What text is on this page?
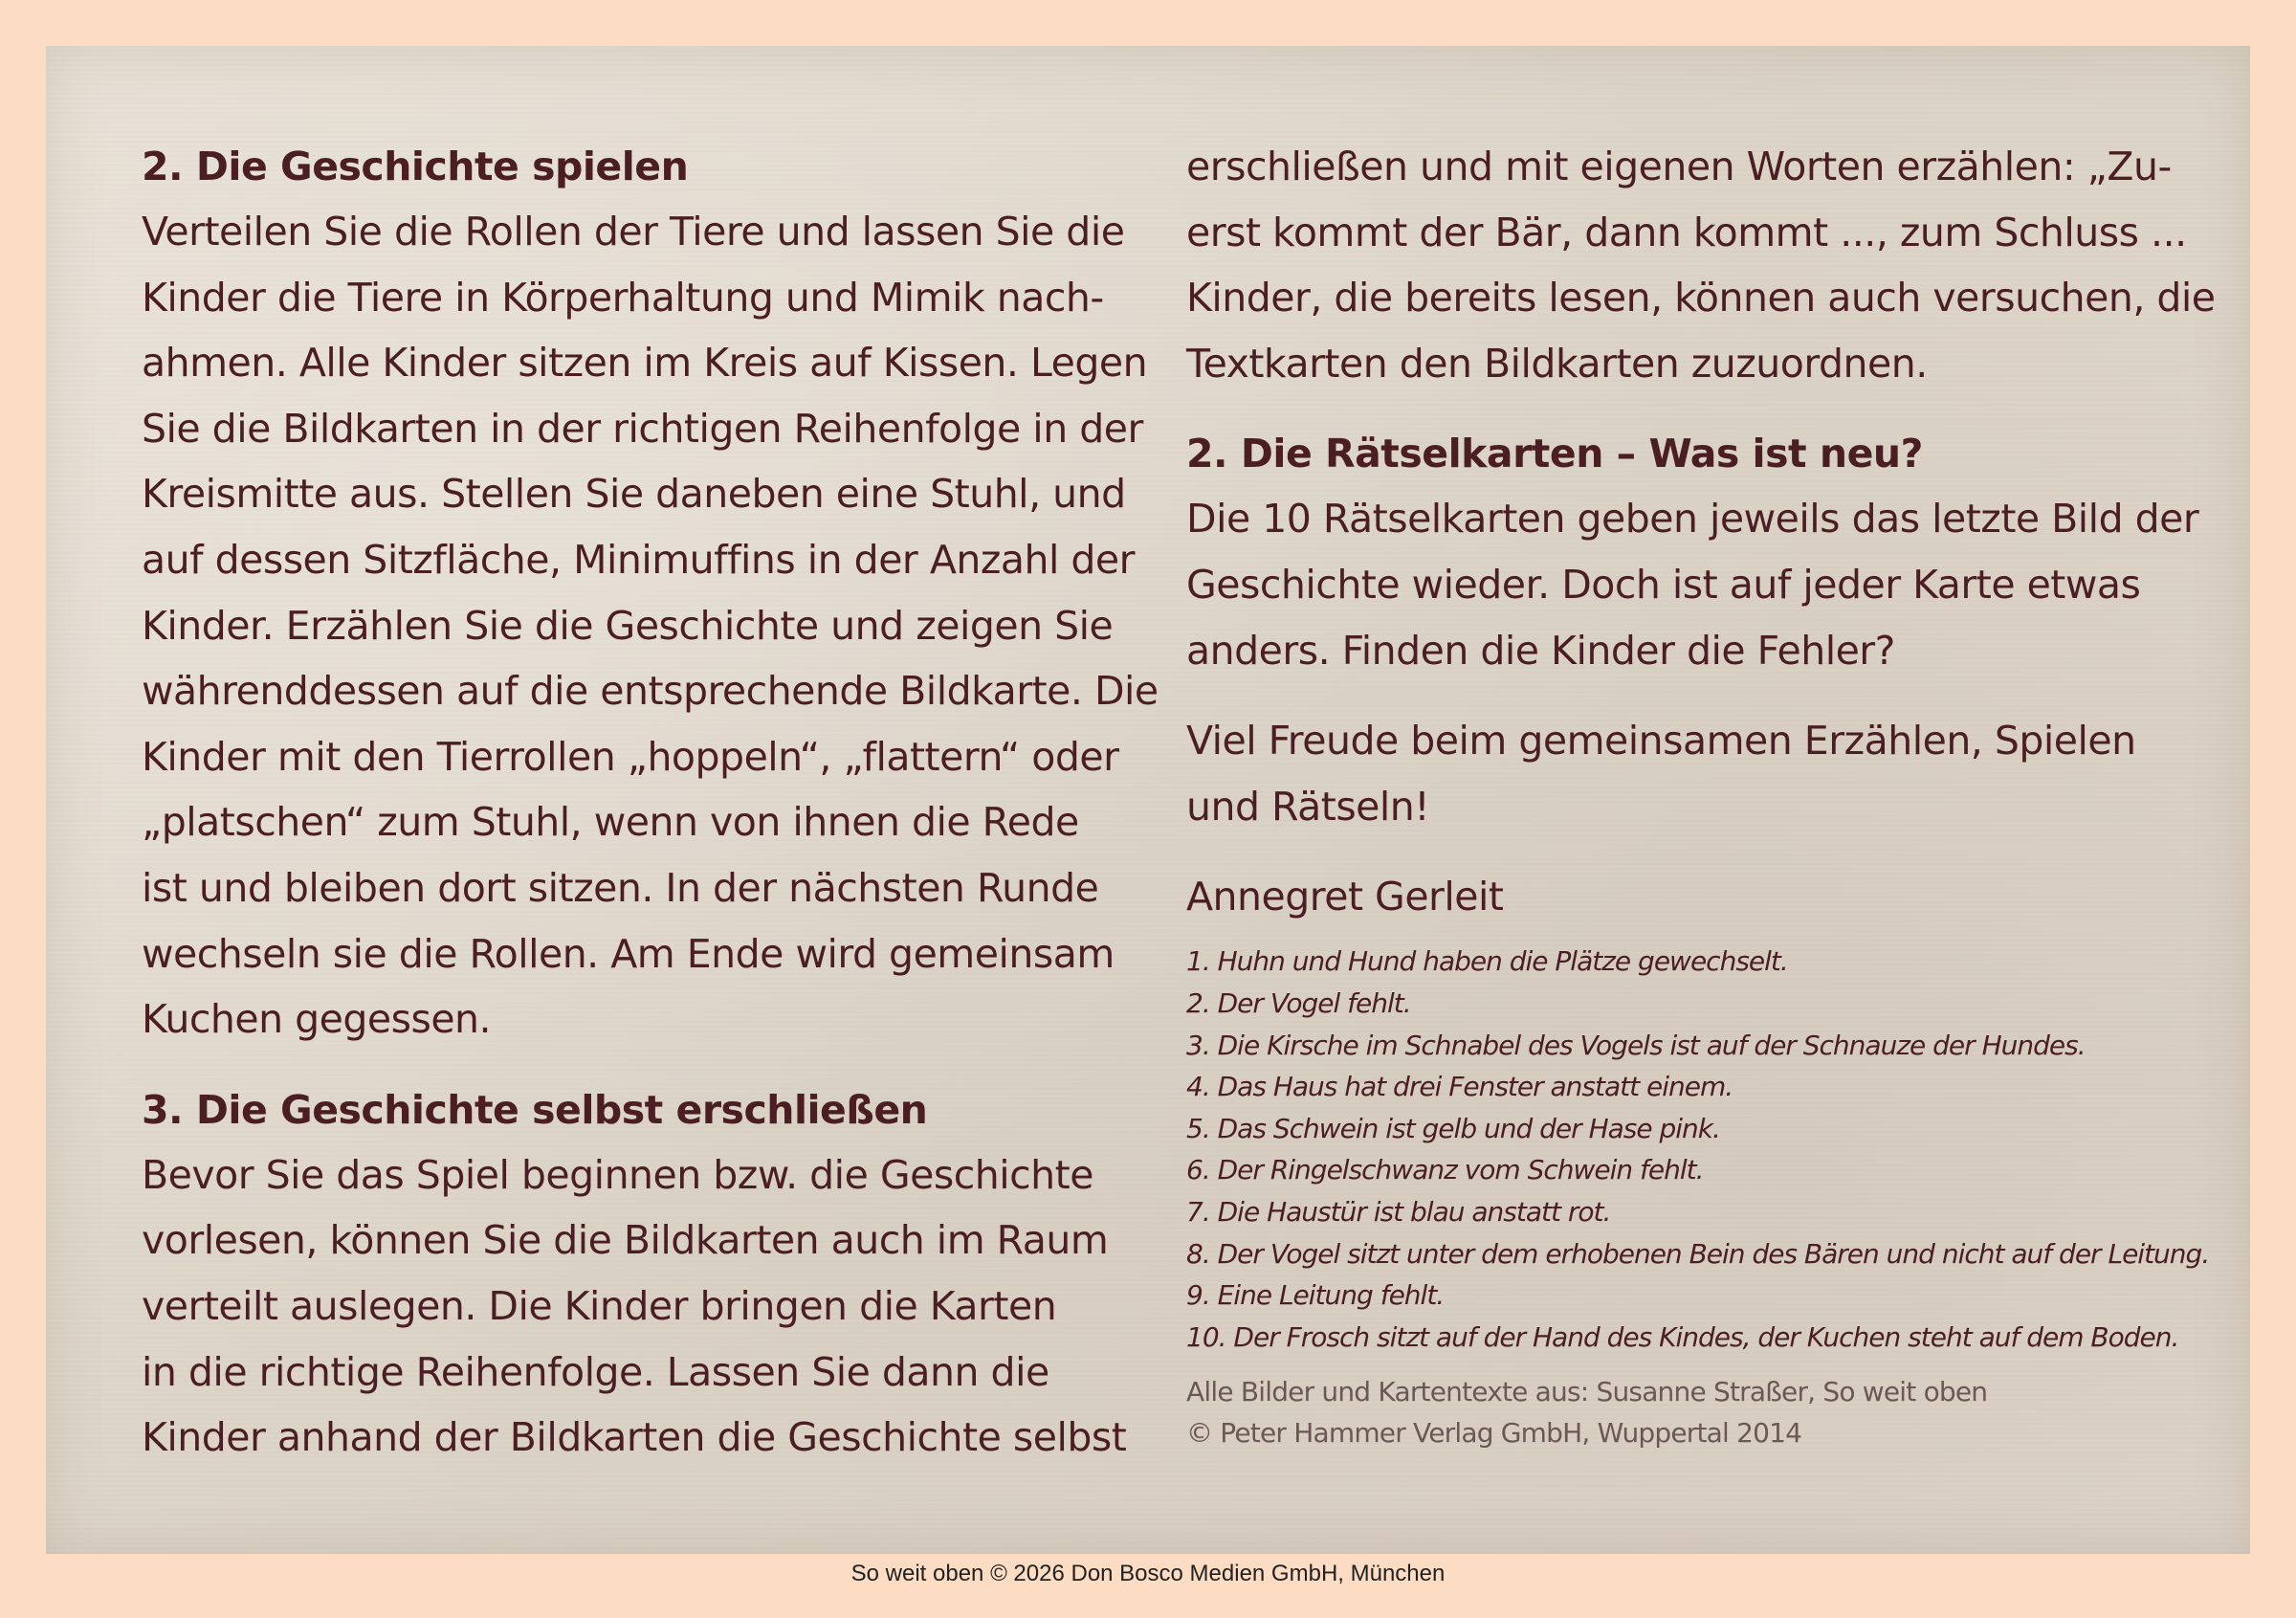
2. Die Geschichte spielen

Verteilen Sie die Rollen der Tiere und lassen Sie die
Kinder die Tiere in Körperhaltung und Mimik nach-
ahmen. Alle Kinder sitzen im Kreis auf Kissen. Legen
Sie die Bildkarten in der richtigen Reihenfolge in der
Kreismitte aus. Stellen Sie daneben eine Stuhl, und
auf dessen Sitzfläche, Minimuffins in der Anzahl der
Kinder. Erzählen Sie die Geschichte und zeigen Sie
währenddessen auf die entsprechende Bildkarte. Die
Kinder mit den Tierrollen „hoppeln“, „flattern“ oder
„platschen“ zum Stuhl, wenn von ihnen die Rede
ist und bleiben dort sitzen. In der nächsten Runde
wechseln sie die Rollen. Am Ende wird gemeinsam
Kuchen gegessen.

3. Die Geschichte selbst erschließen

Bevor Sie das Spiel beginnen bzw. die Geschichte
vorlesen, können Sie die Bildkarten auch im Raum
verteilt auslegen. Die Kinder bringen die Karten
in die richtige Reihenfolge. Lassen Sie dann die
Kinder anhand der Bildkarten die Geschichte selbst

erschließen und mit eigenen Worten erzählen: „Zu-
erst kommt der Bär, dann kommt ..., zum Schluss ...
Kinder, die bereits lesen, können auch versuchen, die
Textkarten den Bildkarten zuzuordnen.

2. Die Rätselkarten – Was ist neu?

Die 10 Rätselkarten geben jeweils das letzte Bild der
Geschichte wieder. Doch ist auf jeder Karte etwas
anders. Finden die Kinder die Fehler?

Viel Freude beim gemeinsamen Erzählen, Spielen
und Rätseln!

Annegret Gerleit

1. Huhn und Hund haben die Plätze gewechselt.
2. Der Vogel fehlt.
3. Die Kirsche im Schnabel des Vogels ist auf der Schnauze der Hundes.
4. Das Haus hat drei Fenster anstatt einem.
5. Das Schwein ist gelb und der Hase pink.
6. Der Ringelschwanz vom Schwein fehlt.
7. Die Haustür ist blau anstatt rot.
8. Der Vogel sitzt unter dem erhobenen Bein des Bären und nicht auf der Leitung.
9. Eine Leitung fehlt.
10. Der Frosch sitzt auf der Hand des Kindes, der Kuchen steht auf dem Boden.

Alle Bilder und Kartentexte aus: Susanne Straßer, So weit oben
© Peter Hammer Verlag GmbH, Wuppertal 2014

So weit oben © 2026 Don Bosco Medien GmbH, München
